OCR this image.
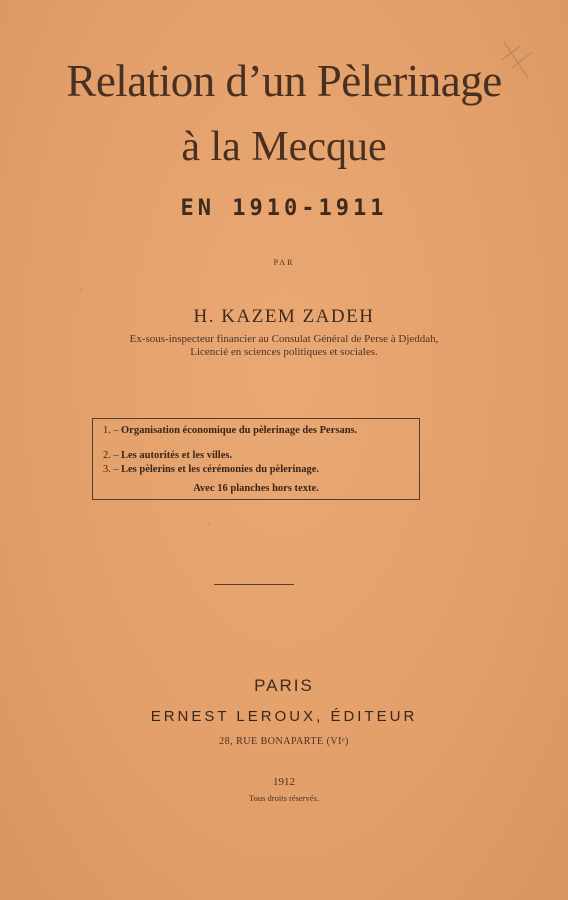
Relation d’un Pèlerinage
à la Mecque
EN 1910-1911
PAR
H. KAZEM ZADEH
Ex-sous-inspecteur financier au Consulat Général de Perse à Djeddah,
Licencié en sciences politiques et sociales.
1. – Organisation économique du pèlerinage des Persans.
2. – Les autorités et les villes.
3. – Les pèlerins et les cérémonies du pèlerinage.
Avec 16 planches hors texte.
PARIS
ERNEST LEROUX, ÉDITEUR
28, RUE BONAPARTE (VIᵉ)
1912
Tous droits réservés.
